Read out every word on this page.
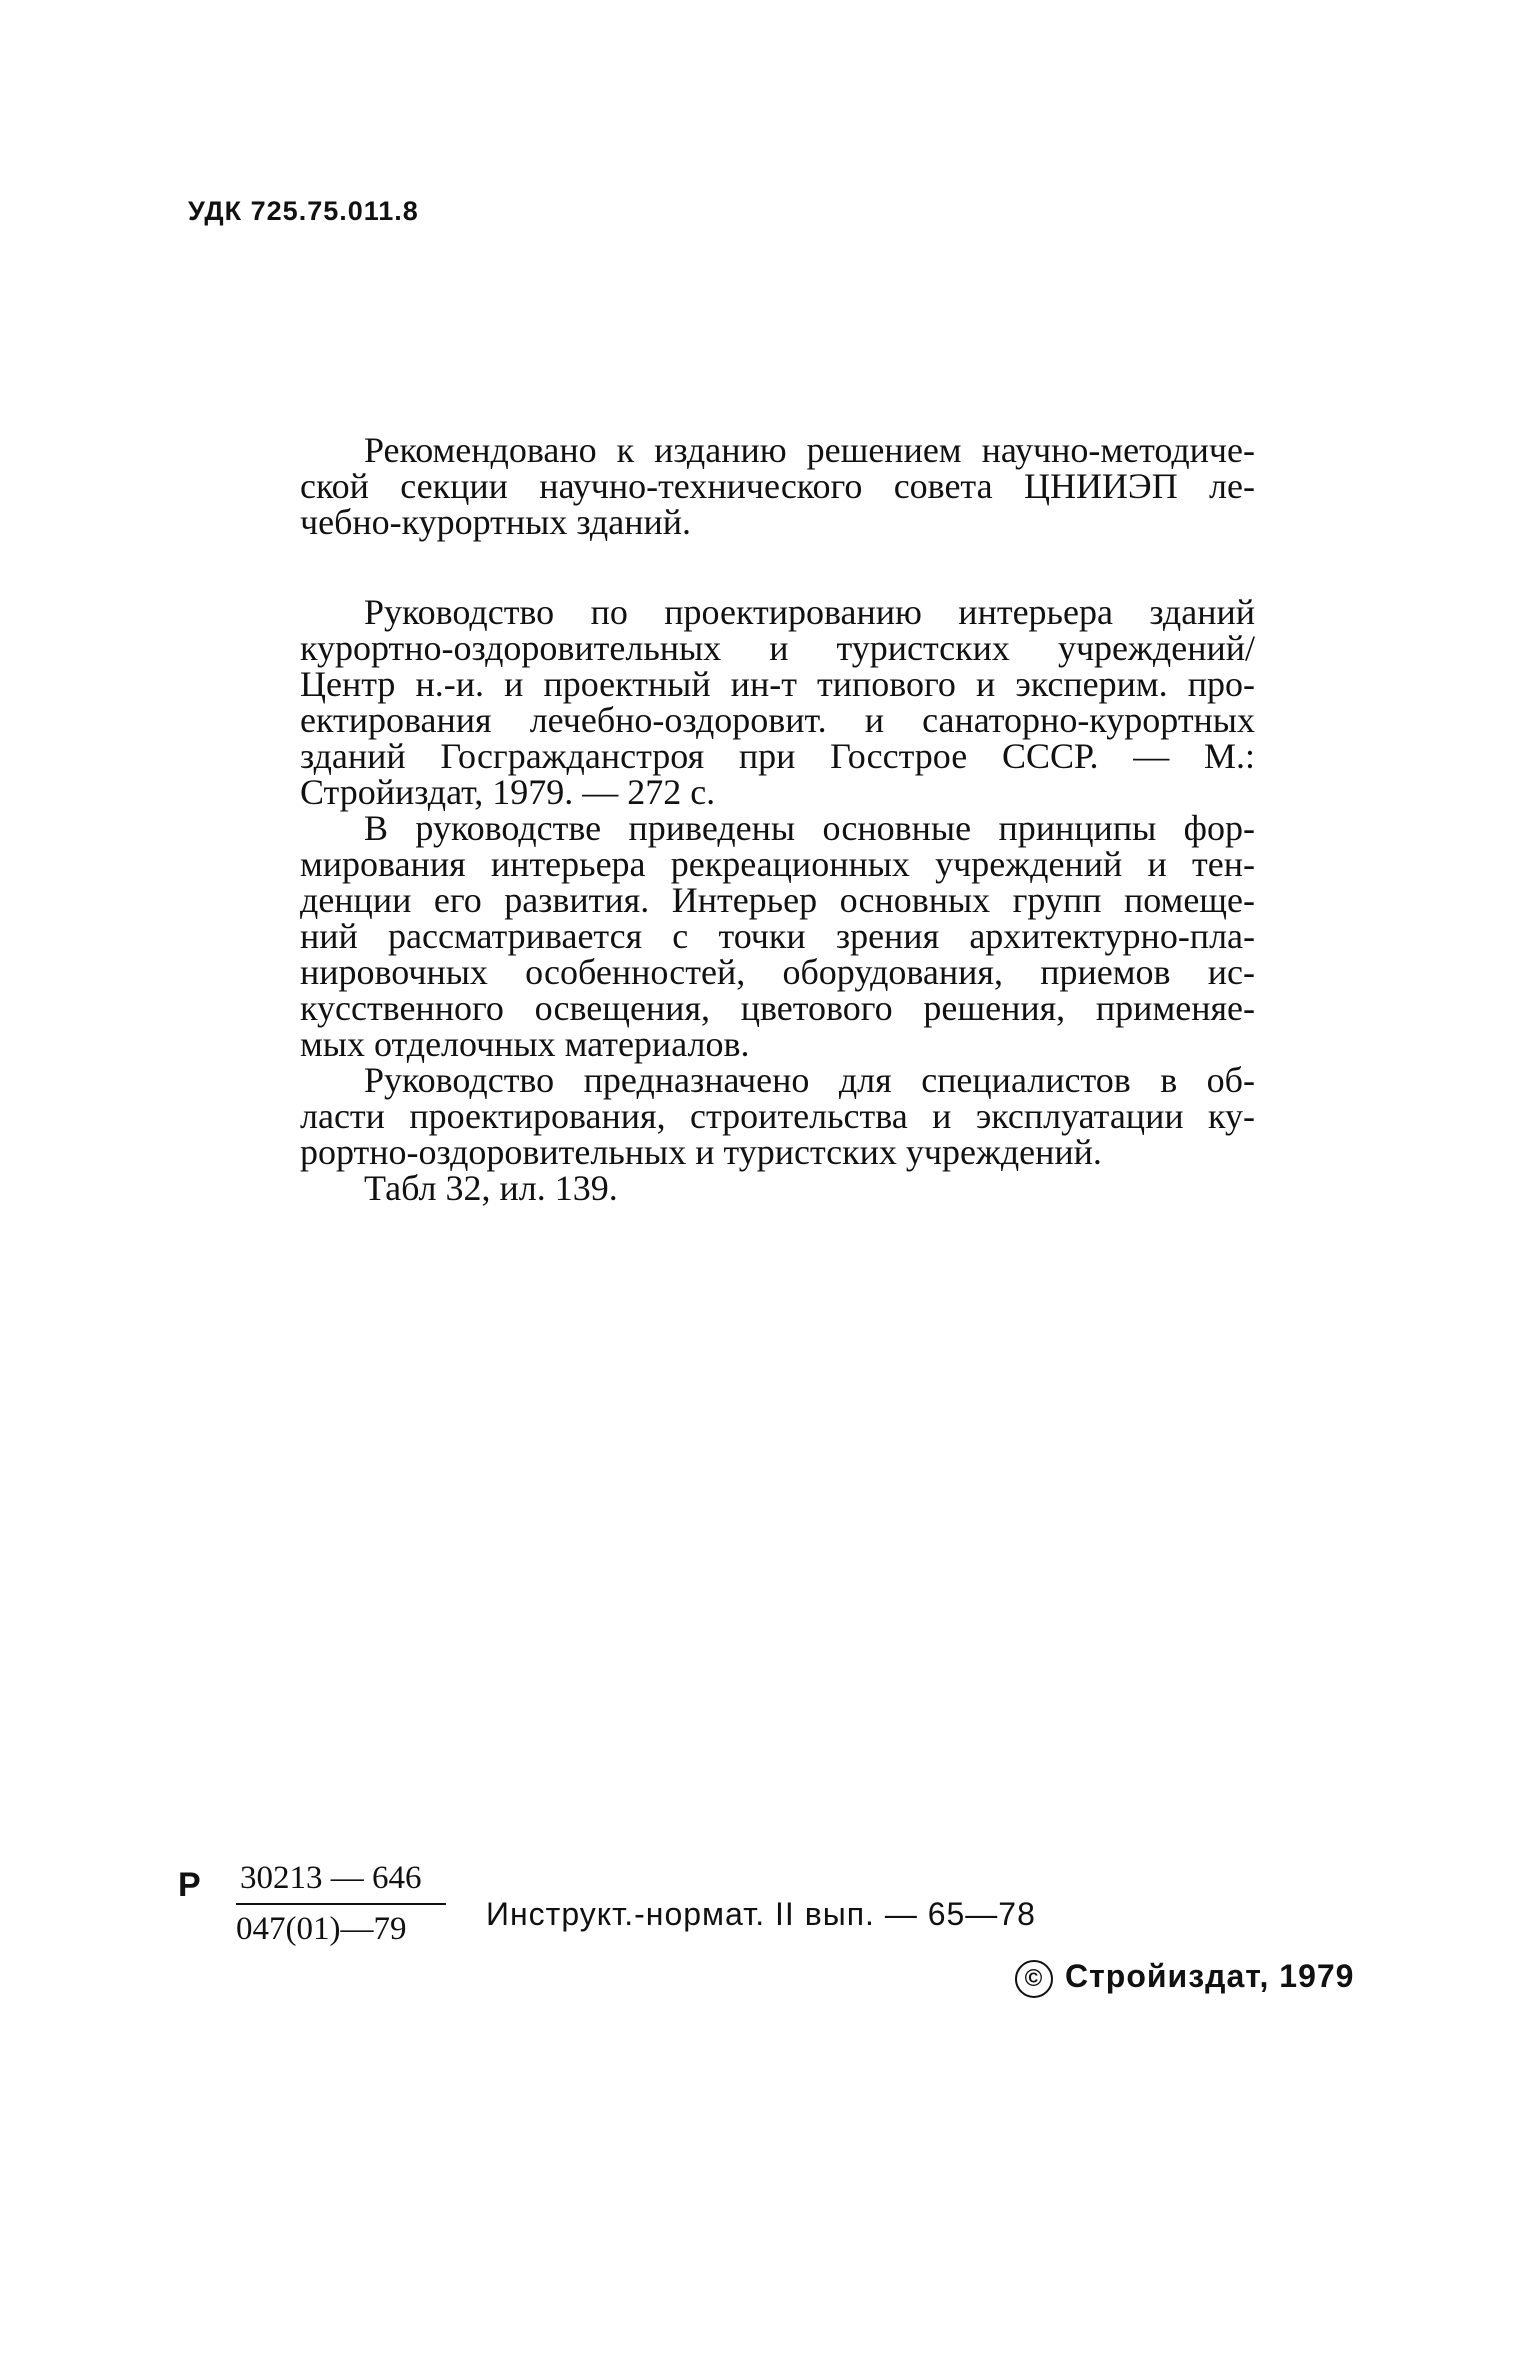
УДК 725.75.011.8
Рекомендовано к изданию решением научно-методиче-
ской секции научно-технического совета ЦНИИЭП ле-
чебно-курортных зданий.
Руководство по проектированию интерьера зданий
курортно-оздоровительных и туристских учреждений/
Центр н.-и. и проектный ин-т типового и эксперим. про-
ектирования лечебно-оздоровит. и санаторно-курортных
зданий Госгражданстроя при Госстрое СССР. — М.:
Стройиздат, 1979. — 272 с.
В руководстве приведены основные принципы фор-
мирования интерьера рекреационных учреждений и тен-
денции его развития. Интерьер основных групп помеще-
ний рассматривается с точки зрения архитектурно-пла-
нировочных особенностей, оборудования, приемов ис-
кусственного освещения, цветового решения, применяе-
мых отделочных материалов.
Руководство предназначено для специалистов в об-
ласти проектирования, строительства и эксплуатации ку-
рортно-оздоровительных и туристских учреждений.
Табл 32, ил. 139.
Р $\frac{30213 — 646}{047(01)—79}$ Инструкт.-нормат. II вып. — 65—78
© Стройиздат, 1979
